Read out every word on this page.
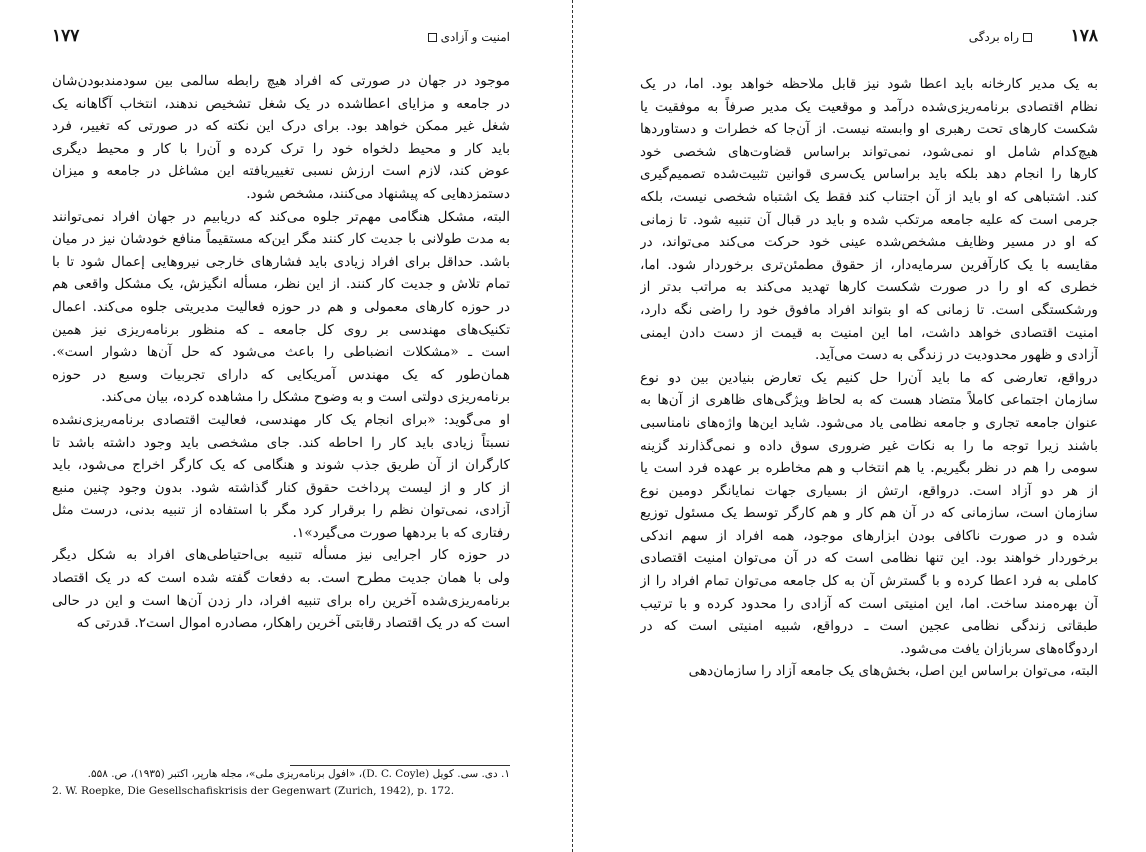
۱۷۷	امنیت و آزادی
موجود در جهان در صورتی که افراد هیچ رابطه سالمی بین سودمندبودن‌شان
در جامعه و مزایای اعطاشده در یک شغل تشخیص ندهند، انتخاب آگاهانه یک
شغل غیر ممکن خواهد بود. برای درک این نکته که در صورتی که تغییر، فرد
باید کار و محیط دلخواه خود را ترک کرده و آن‌را با کار و محیط دیگری
عوض کند، لازم است ارزش نسبی تغییریافته این مشاغل در جامعه و میزان
دستمزدهایی که پیشنهاد می‌کنند، مشخص شود.
البته، مشکل هنگامی مهم‌تر جلوه می‌کند که دریابیم در جهان افراد نمی‌توانند
به مدت طولانی با جدیت کار کنند مگر این‌که مستقیماً منافع خودشان نیز در میان
باشد. حداقل برای افراد زیادی باید فشارهای خارجی نیروهایی إعمال شود تا با
تمام تلاش و جدیت کار کنند. از این نظر، مسأله انگیزش، یک مشکل واقعی هم
در حوزه کارهای معمولی و هم در حوزه فعالیت مدیریتی جلوه می‌کند. اعمال
تکنیک‌های مهندسی بر روی کل جامعه ـ که منظور برنامه‌ریزی نیز همین
است ـ «مشکلات انضباطی را باعث می‌شود که حل آن‌ها دشوار است».
همان‌طور که یک مهندس آمریکایی که دارای تجربیات وسیع در حوزه
برنامه‌ریزی دولتی است و به وضوح مشکل را مشاهده کرده، بیان می‌کند.
او می‌گوید: «برای انجام یک کار مهندسی، فعالیت اقتصادی برنامه‌ریزی‌نشده
نسبتاً زیادی باید کار را احاطه کند. جای مشخصی باید وجود داشته باشد تا
کارگران از آن طریق جذب شوند و هنگامی که یک کارگر اخراج می‌شود، باید
از کار و از لیست پرداخت حقوق کنار گذاشته شود. بدون وجود چنین منبع
آزادی، نمی‌توان نظم را برقرار کرد مگر با استفاده از تنبیه بدنی، درست مثل
رفتاری که با بردهها صورت می‌گیرد»۱.
در حوزه کار اجرایی نیز مسأله تنبیه بی‌احتیاطی‌های افراد به شکل دیگر
ولی با همان جدیت مطرح است. به دفعات گفته شده است که در یک اقتصاد
برنامه‌ریزی‌شده آخرین راه برای تنبیه افراد، دار زدن آن‌ها است و این در حالی
است که در یک اقتصاد رقابتی آخرین راهکار، مصادره اموال است۲. قدرتی که
۱. دی. سی. کویل (D. C. Coyle)، «افول برنامه‌ریزی ملی»، مجله هارپر، اکتبر (۱۹۳۵)، ص. ۵۵۸.
2. W. Roepke, Die Gesellschafiskrisis der Gegenwart (Zurich, 1942), p. 172.
راه بردگی	۱۷۸
به یک مدیر کارخانه باید اعطا شود نیز قابل ملاحظه خواهد بود. اما، در یک
نظام اقتصادی برنامه‌ریزی‌شده درآمد و موقعیت یک مدیر صرفاً به موفقیت یا
شکست کارهای تحت رهبری او وابسته نیست. از آن‌جا که خطرات و دستاوردها
هیچ‌کدام شامل او نمی‌شود، نمی‌تواند براساس قضاوت‌های شخصی خود
کارها را انجام دهد بلکه باید براساس یک‌سری قوانین تثبیت‌شده تصمیم‌گیری
کند. اشتباهی که او باید از آن اجتناب کند فقط یک اشتباه شخصی نیست، بلکه
جرمی است که علیه جامعه مرتکب شده و باید در قبال آن تنبیه شود. تا زمانی
که او در مسیر وظایف مشخص‌شده عینی خود حرکت می‌کند می‌تواند، در
مقایسه با یک کارآفرین سرمایه‌دار، از حقوق مطمئن‌تری برخوردار شود. اما،
خطری که او را در صورت شکست کارها تهدید می‌کند به مراتب بدتر از
ورشکستگی است. تا زمانی که او بتواند افراد مافوق خود را راضی نگه دارد،
امنیت اقتصادی خواهد داشت، اما این امنیت به قیمت از دست دادن ایمنی
آزادی و ظهور محدودیت در زندگی به دست می‌آید.
درواقع، تعارضی که ما باید آن‌را حل کنیم یک تعارض بنیادین بین دو نوع
سازمان اجتماعی کاملاً متضاد هست که به لحاظ ویژگی‌های ظاهری از آن‌ها به
عنوان جامعه تجاری و جامعه نظامی یاد می‌شود. شاید این‌ها واژه‌های نامناسبی
باشند زیرا توجه ما را به نکات غیر ضروری سوق داده و نمی‌گذارند گزینه
سومی را هم در نظر بگیریم. یا هم انتخاب و هم مخاطره بر عهده فرد است یا
از هر دو آزاد است. درواقع، ارتش از بسیاری جهات نمایانگر دومین نوع
سازمان است، سازمانی که در آن هم کار و هم کارگر توسط یک مسئول توزیع
شده و در صورت ناکافی بودن ابزارهای موجود، همه افراد از سهم اندکی
برخوردار خواهند بود. این تنها نظامی است که در آن می‌توان امنیت اقتصادی
کاملی به فرد اعطا کرده و با گسترش آن به کل جامعه می‌توان تمام افراد را از
آن بهره‌مند ساخت. اما، این امنیتی است که آزادی را محدود کرده و با ترتیب
طبقاتی زندگی نظامی عجین است ـ درواقع، شبیه امنیتی است که در
اردوگاه‌های سربازان یافت می‌شود.
البته، می‌توان براساس این اصل، بخش‌های یک جامعه آزاد را سازمان‌دهی
